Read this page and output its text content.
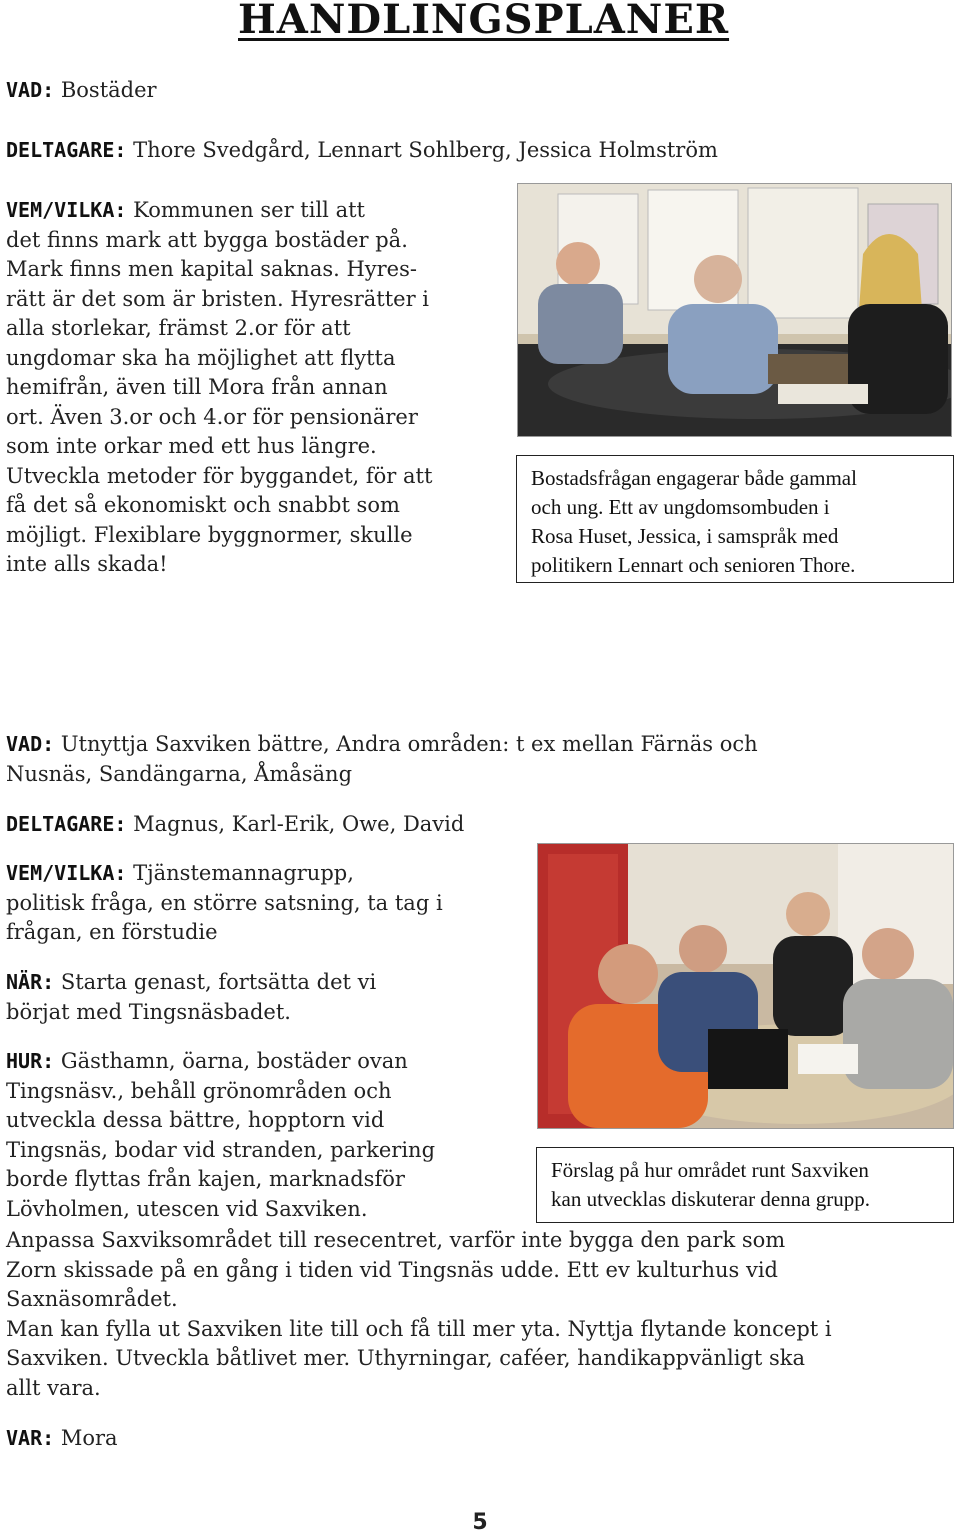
HANDLINGSPLANER
VAD: Bostäder
DELTAGARE: Thore Svedgård, Lennart Sohlberg, Jessica Holmström
VEM/VILKA: Kommunen ser till att
det finns mark att bygga bostäder på.
Mark finns men kapital saknas. Hyres-
rätt är det som är bristen. Hyresrätter i
alla storlekar, främst 2.or för att
ungdomar ska ha möjlighet att flytta
hemifrån, även till Mora från annan
ort. Även 3.or och 4.or för pensionärer
som inte orkar med ett hus längre.
Utveckla metoder för byggandet, för att
få det så ekonomiskt och snabbt som
möjligt. Flexiblare byggnormer, skulle
inte alls skada!
Bostadsfrågan engagerar både gammal
och ung. Ett av ungdomsombuden i
Rosa Huset, Jessica, i samspråk med
politikern Lennart och senioren Thore.
VAD: Utnyttja Saxviken bättre, Andra områden: t ex mellan Färnäs och
Nusnäs, Sandängarna, Åmåsäng
DELTAGARE: Magnus, Karl-Erik, Owe, David
VEM/VILKA: Tjänstemannagrupp,
politisk fråga, en större satsning, ta tag i
frågan, en förstudie
NÄR: Starta genast, fortsätta det vi
börjat med Tingsnäsbadet.
HUR: Gästhamn, öarna, bostäder ovan
Tingsnäsv., behåll grönområden och
utveckla dessa bättre, hopptorn vid
Tingsnäs, bodar vid stranden, parkering
borde flyttas från kajen, marknadsför
Lövholmen, utescen vid Saxviken.
Anpassa Saxviksområdet till resecentret, varför inte bygga den park som
Zorn skissade på en gång i tiden vid Tingsnäs udde. Ett ev kulturhus vid
Saxnäsområdet.
Man kan fylla ut Saxviken lite till och få till mer yta. Nyttja flytande koncept i
Saxviken. Utveckla båtlivet mer. Uthyrningar, caféer, handikappvänligt ska
allt vara.
Förslag på hur området runt Saxviken
kan utvecklas diskuterar denna grupp.
VAR: Mora
5
